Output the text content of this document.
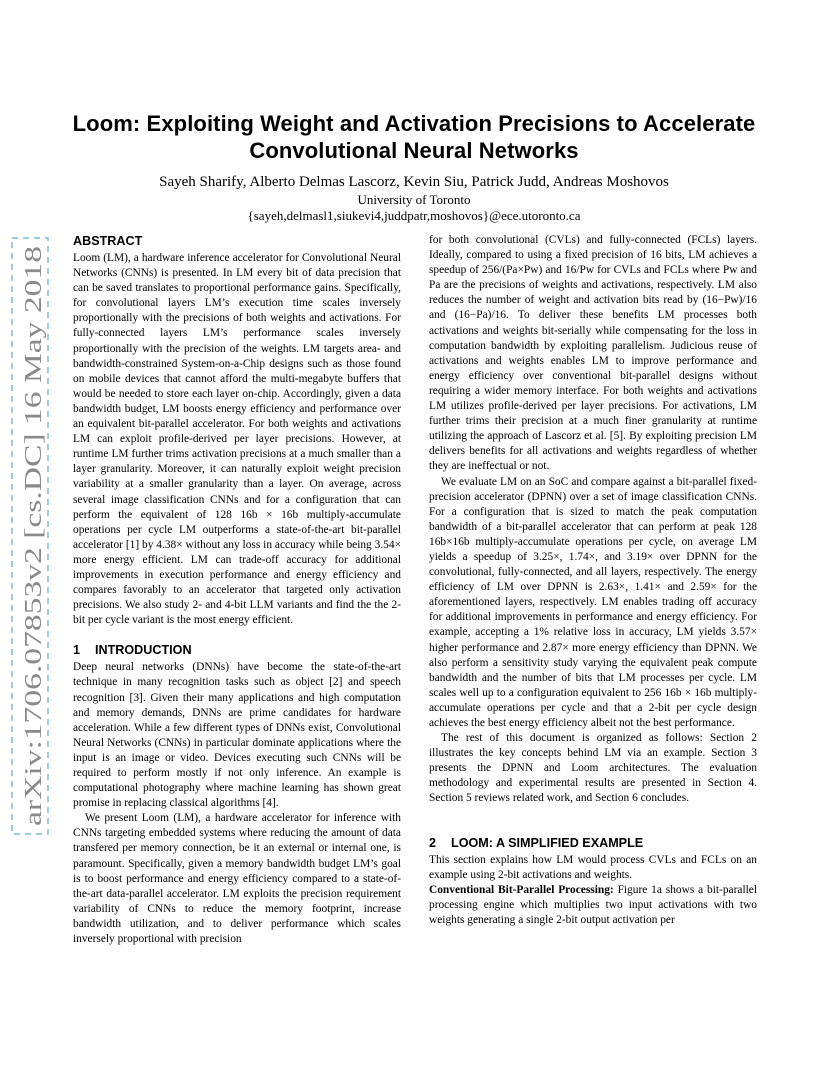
arXiv:1706.07853v2 [cs.DC] 16 May 2018
Loom: Exploiting Weight and Activation Precisions to Accelerate
Convolutional Neural Networks
Sayeh Sharify, Alberto Delmas Lascorz, Kevin Siu, Patrick Judd, Andreas Moshovos
University of Toronto
{sayeh,delmasl1,siukevi4,juddpatr,moshovos}@ece.utoronto.ca
ABSTRACT

Loom (LM), a hardware inference accelerator for Convolutional Neural Networks (CNNs) is presented. In LM every bit of data precision that can be saved translates to proportional performance gains. Specifically, for convolutional layers LM’s execution time scales inversely proportionally with the precisions of both weights and activations. For fully-connected layers LM’s performance scales inversely proportionally with the precision of the weights. LM targets area- and bandwidth-constrained System-on-a-Chip designs such as those found on mobile devices that cannot afford the multi-megabyte buffers that would be needed to store each layer on-chip. Accordingly, given a data bandwidth budget, LM boosts energy efficiency and performance over an equivalent bit-parallel accelerator. For both weights and activations LM can exploit profile-derived per layer precisions. However, at runtime LM further trims activation precisions at a much smaller than a layer granularity. Moreover, it can naturally exploit weight precision variability at a smaller granularity than a layer. On average, across several image classification CNNs and for a configuration that can perform the equivalent of 128 16b × 16b multiply-accumulate operations per cycle LM outperforms a state-of-the-art bit-parallel accelerator [1] by 4.38× without any loss in accuracy while being 3.54× more energy efficient. LM can trade-off accuracy for additional improvements in execution performance and energy efficiency and compares favorably to an accelerator that targeted only activation precisions. We also study 2- and 4-bit LLM variants and find the the 2-bit per cycle variant is the most energy efficient.

1 INTRODUCTION

Deep neural networks (DNNs) have become the state-of-the-art technique in many recognition tasks such as object [2] and speech recognition [3]. Given their many applications and high computation and memory demands, DNNs are prime candidates for hardware acceleration. While a few different types of DNNs exist, Convolutional Neural Networks (CNNs) in particular dominate applications where the input is an image or video. Devices executing such CNNs will be required to perform mostly if not only inference. An example is computational photography where machine learning has shown great promise in replacing classical algorithms [4].

We present Loom (LM), a hardware accelerator for inference with CNNs targeting embedded systems where reducing the amount of data transfered per memory connection, be it an external or internal one, is paramount. Specifically, given a memory bandwidth budget LM’s goal is to boost performance and energy efficiency compared to a state-of-the-art data-parallel accelerator. LM exploits the precision requirement variability of CNNs to reduce the memory footprint, increase bandwidth utilization, and to deliver performance which scales inversely proportional with precision

for both convolutional (CVLs) and fully-connected (FCLs) layers. Ideally, compared to using a fixed precision of 16 bits, LM achieves a speedup of 256/(Pa×Pw) and 16/Pw for CVLs and FCLs where Pw and Pa are the precisions of weights and activations, respectively. LM also reduces the number of weight and activation bits read by (16−Pw)/16 and (16−Pa)/16. To deliver these benefits LM processes both activations and weights bit-serially while compensating for the loss in computation bandwidth by exploiting parallelism. Judicious reuse of activations and weights enables LM to improve performance and energy efficiency over conventional bit-parallel designs without requiring a wider memory interface. For both weights and activations LM utilizes profile-derived per layer precisions. For activations, LM further trims their precision at a much finer granularity at runtime utilizing the approach of Lascorz et al. [5]. By exploiting precision LM delivers benefits for all activations and weights regardless of whether they are ineffectual or not.

We evaluate LM on an SoC and compare against a bit-parallel fixed-precision accelerator (DPNN) over a set of image classification CNNs. For a configuration that is sized to match the peak computation bandwidth of a bit-parallel accelerator that can perform at peak 128 16b×16b multiply-accumulate operations per cycle, on average LM yields a speedup of 3.25×, 1.74×, and 3.19× over DPNN for the convolutional, fully-connected, and all layers, respectively. The energy efficiency of LM over DPNN is 2.63×, 1.41× and 2.59× for the aforementioned layers, respectively. LM enables trading off accuracy for additional improvements in performance and energy efficiency. For example, accepting a 1% relative loss in accuracy, LM yields 3.57× higher performance and 2.87× more energy efficiency than DPNN. We also perform a sensitivity study varying the equivalent peak compute bandwidth and the number of bits that LM processes per cycle. LM scales well up to a configuration equivalent to 256 16b × 16b multiply-accumulate operations per cycle and that a 2-bit per cycle design achieves the best energy efficiency albeit not the best performance.

The rest of this document is organized as follows: Section 2 illustrates the key concepts behind LM via an example. Section 3 presents the DPNN and Loom architectures. The evaluation methodology and experimental results are presented in Section 4. Section 5 reviews related work, and Section 6 concludes.

2 LOOM: A SIMPLIFIED EXAMPLE

This section explains how LM would process CVLs and FCLs on an example using 2-bit activations and weights.

Conventional Bit-Parallel Processing: Figure 1a shows a bit-parallel processing engine which multiplies two input activations with two weights generating a single 2-bit output activation per
